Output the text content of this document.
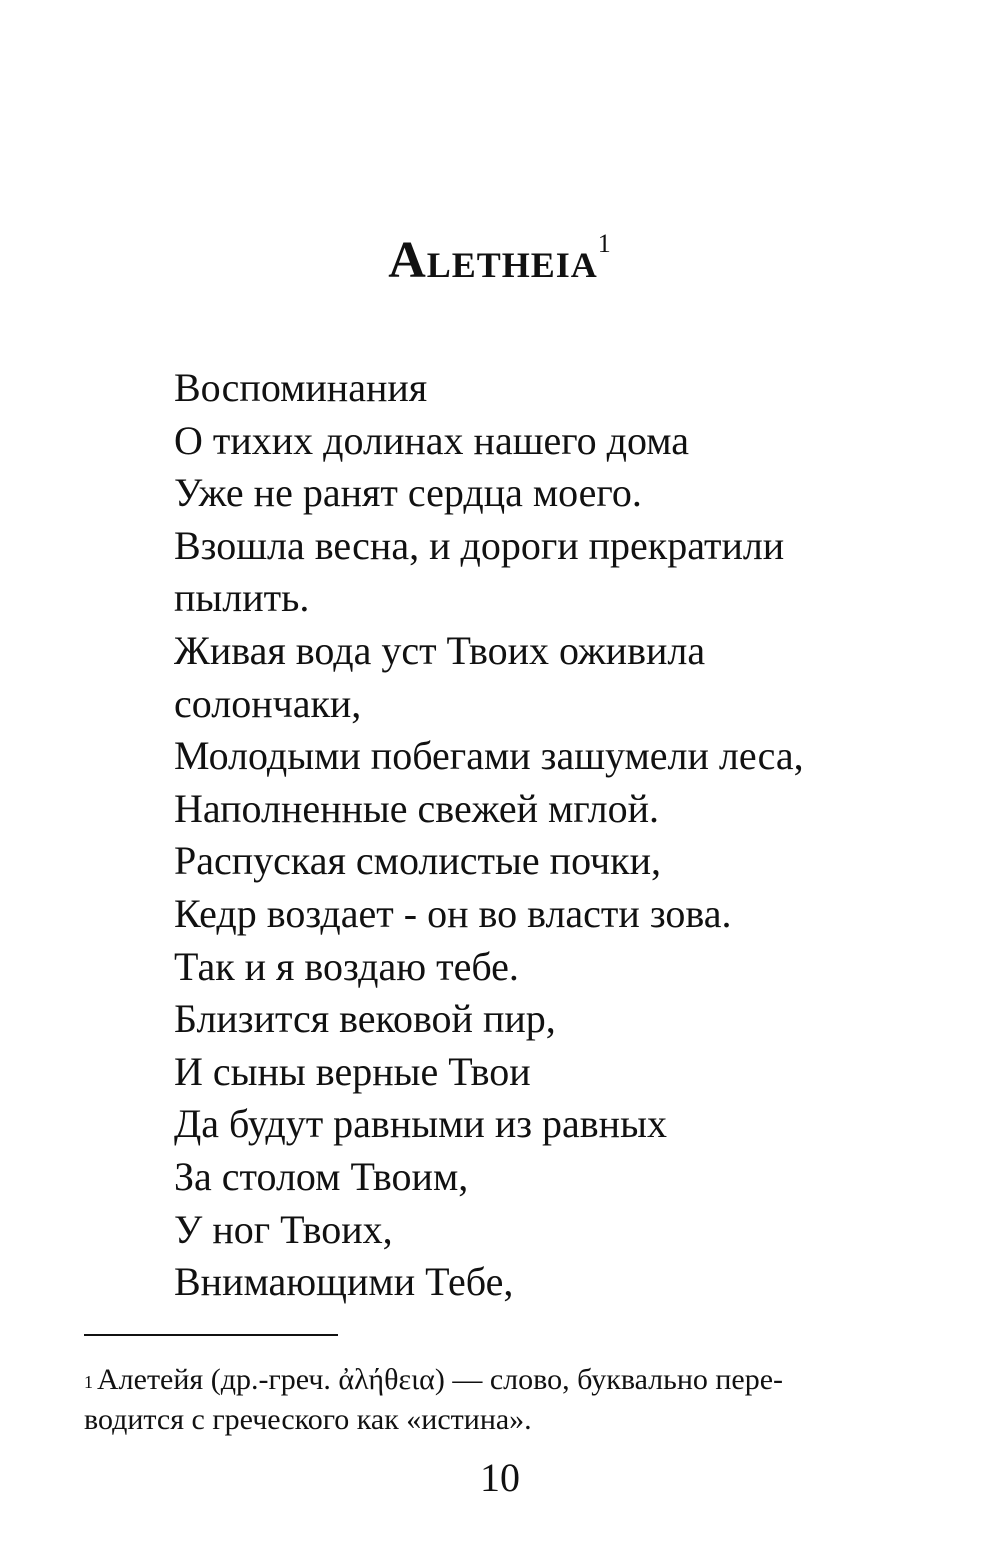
Aletheia$^1$
Воспоминания
О тихих долинах нашего дома
Уже не ранят сердца моего.
Взошла весна, и дороги прекратили
пылить.
Живая вода уст Твоих оживила
солончаки,
Молодыми побегами зашумели леса,
Наполненные свежей мглой.
Распуская смолистые почки,
Кедр воздает - он во власти зова.
Так и я воздаю тебе.
Близится вековой пир,
И сыны верные Твои
Да будут равными из равных
За столом Твоим,
У ног Твоих,
Внимающими Тебе,
$^1$ Алетейя (др.-греч. ἀλήθεια) — слово, буквально пере-
водится с греческого как «истина».
10
